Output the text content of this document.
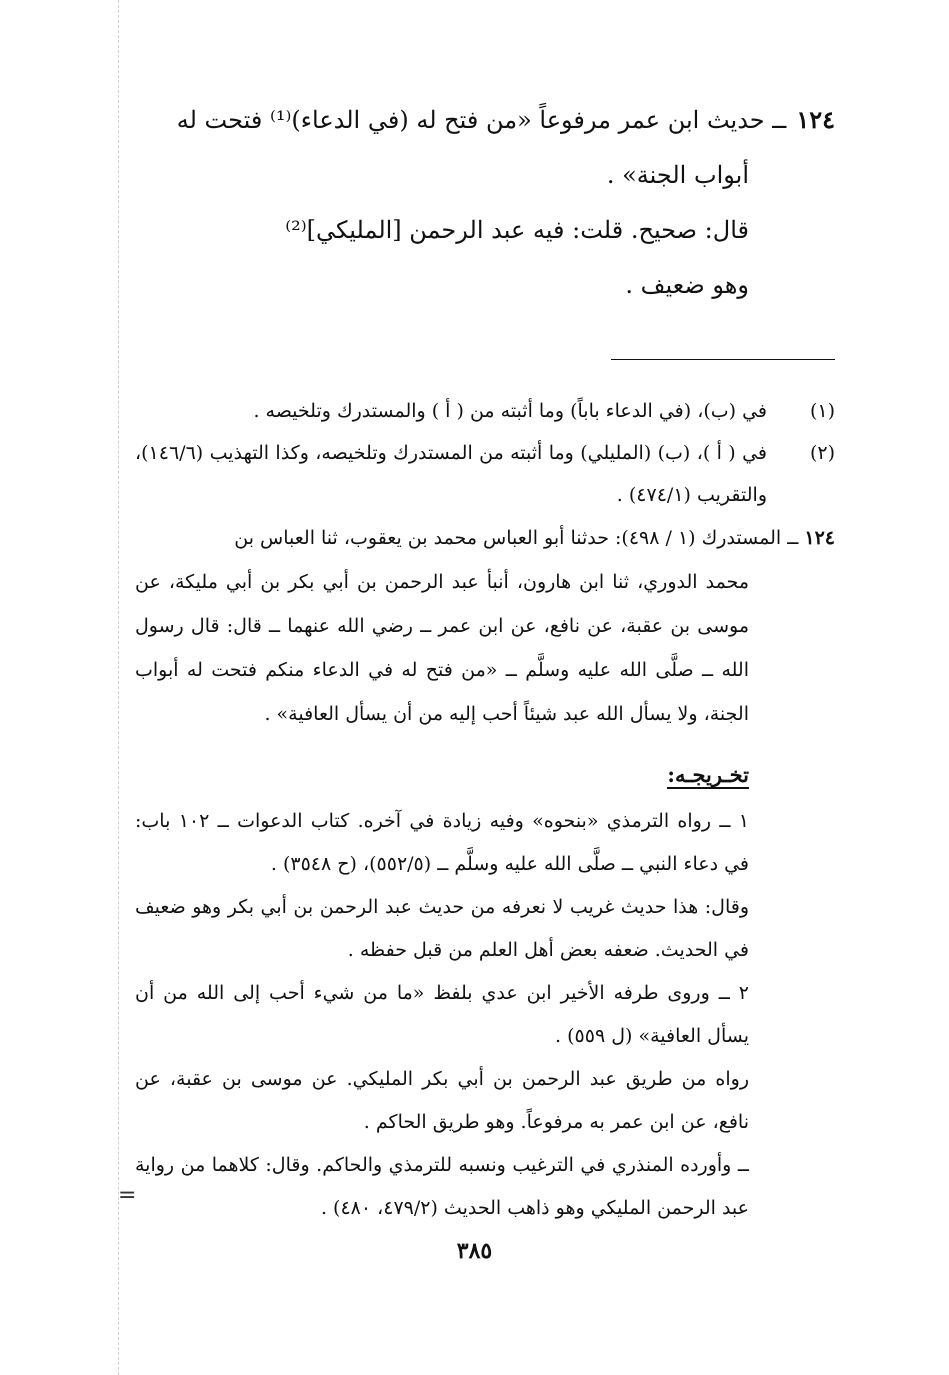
=

١٢٤ــ حديث ابن عمر مرفوعاً «من فتح له (في الدعاء)⁽¹⁾ فتحت له

أبواب الجنة» .

قال: صحيح. قلت: فيه عبد الرحمن [المليكي]⁽²⁾

وهو ضعيف .

(١)
في (ب)، (في الدعاء باباً) وما أثبته من ( أ ) والمستدرك وتلخيصه .
(٢)
في ( أ )، (ب) (المليلي) وما أثبته من المستدرك وتلخيصه، وكذا التهذيب (١٤٦/٦)، والتقريب (٤٧٤/١) .
١٢٤ ــ المستدرك (١ / ٤٩٨): حدثنا أبو العباس محمد بن يعقوب، ثنا العباس بن
محمد الدوري، ثنا ابن هارون، أنبأ عبد الرحمن بن أبي بكر بن أبي مليكة، عن موسى بن عقبة، عن نافع، عن ابن عمر ــ رضي الله عنهما ــ قال: قال رسول الله ــ صلَّى الله عليه وسلَّم ــ «من فتح له في الدعاء منكم فتحت له أبواب الجنة، ولا يسأل الله عبد شيئاً أحب إليه من أن يسأل العافية» .
تخـريجـه:

١ ــ رواه الترمذي «بنحوه» وفيه زيادة في آخره. كتاب الدعوات ــ ١٠٢ باب: في دعاء النبي ــ صلَّى الله عليه وسلَّم ــ (٥٥٢/٥)، (ح ٣٥٤٨) .

وقال: هذا حديث غريب لا نعرفه من حديث عبد الرحمن بن أبي بكر وهو ضعيف في الحديث. ضعفه بعض أهل العلم من قبل حفظه .

٢ ــ وروى طرفه الأخير ابن عدي بلفظ «ما من شيء أحب إلى الله من أن يسأل العافية» (ل ٥٥٩) .

رواه من طريق عبد الرحمن بن أبي بكر المليكي. عن موسى بن عقبة، عن نافع، عن ابن عمر به مرفوعاً. وهو طريق الحاكم .

ــ وأورده المنذري في الترغيب ونسبه للترمذي والحاكم. وقال: كلاهما من رواية عبد الرحمن المليكي وهو ذاهب الحديث (٤٧٩/٢، ٤٨٠) .

٣٨٥
